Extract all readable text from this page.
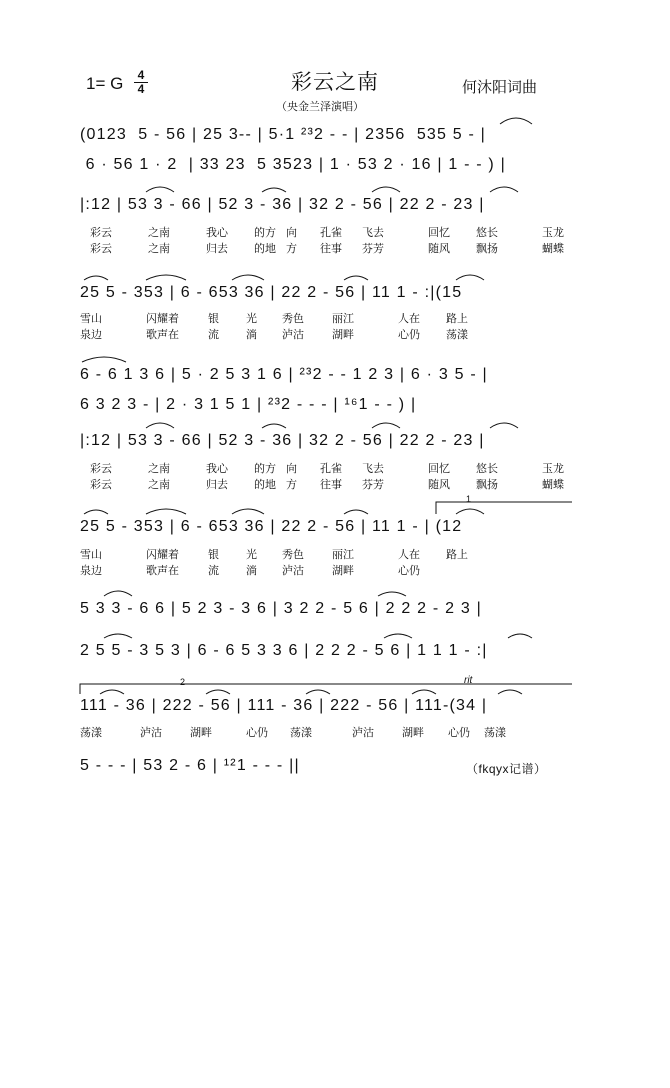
1= G	4
4	彩云之南	何沐阳词曲
（央金兰泽演唱）
(0123  5 - 56 | 25 3-- | 5·1 ²³2 - - | 2356  535 5 - |
6 · 56 1 · 2  | 33 23  5 3523 | 1 · 53 2 · 16 | 1 - - ) |
|:12 | 53 3 - 66 | 52 3 - 36 | 32 2 - 56 | 22 2 - 23 |
25 5 - 353 | 6 - 653 36 | 22 2 - 56 | 11 1 - :|(15
6 - 6 1 3 6 | 5 · 2 5 3 1 6 | ²³2 - - 1 2 3 | 6 · 3 5 - |
6 3 2 3 - | 2 · 3 1 5 1 | ²³2 - - - | ¹⁶1 - - ) |
|:12 | 53 3 - 66 | 52 3 - 36 | 32 2 - 56 | 22 2 - 23 |
25 5 - 353 | 6 - 653 36 | 22 2 - 56 | 11 1 - | (12
5 3 3 - 6 6 | 5 2 3 - 3 6 | 3 2 2 - 5 6 | 2 2 2 - 2 3 |
2 5 5 - 3 5 3 | 6 - 6 5 3 3 6 | 2 2 2 - 5 6 | 1 1 1 - :|
111 - 36 | 222 - 56 | 111 - 36 | 222 - 56 | 111-(34 |
5 - - - | 53 2 - 6 | ¹²1 - - - ||
彩云	之南	我心 的方 向 孔雀 飞去	回忆 悠长	玉龙
彩云	之南	归去 的地 方 往事 芬芳	随风 飘扬	蝴蝶
雪山	闪耀着	银 光 秀色	丽江	人在 路上
泉边	歌声在	流 淌 泸沽	湖畔	心仍 荡漾
彩云	之南	我心 的方 向 孔雀 飞去	回忆 悠长	玉龙
彩云	之南	归去 的地 方 往事 芬芳	随风 飘扬	蝴蝶
雪山	闪耀着	银 光 秀色	丽江	人在 路上
泉边	歌声在	流 淌 泸沽	湖畔	心仍
荡漾	泸沽	湖畔	心仍 荡漾	泸沽	湖畔 心仍 荡漾
1
2	rit
（fkqyx记谱）
